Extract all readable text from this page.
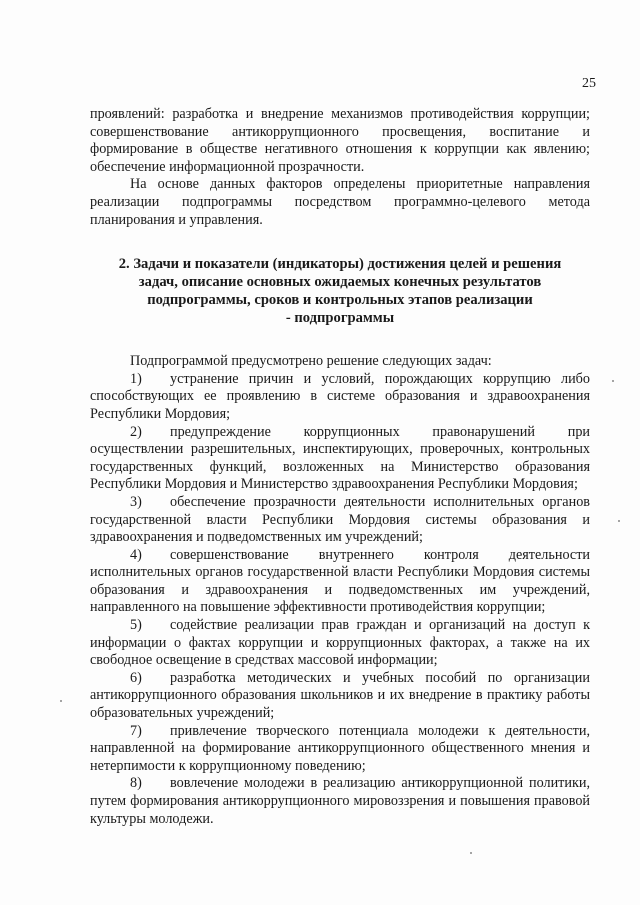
25

проявлений: разработка и внедрение механизмов противодействия коррупции; совершенствование антикоррупционного просвещения, воспитание и формирование в обществе негативного отношения к коррупции как явлению; обеспечение информационной прозрачности.

На основе данных факторов определены приоритетные направления реализации подпрограммы посредством программно-целевого метода планирования и управления.

2. Задачи и показатели (индикаторы) достижения целей и решения
задач, описание основных ожидаемых конечных результатов
подпрограммы, сроков и контрольных этапов реализации
- подпрограммы

Подпрограммой предусмотрено решение следующих задач:

1) устранение причин и условий, порождающих коррупцию либо способствующих ее проявлению в системе образования и здравоохранения Республики Мордовия;
2) предупреждение коррупционных правонарушений при осуществлении разрешительных, инспектирующих, проверочных, контрольных государственных функций, возложенных на Министерство образования Республики Мордовия и Министерство здравоохранения Республики Мордовия;
3) обеспечение прозрачности деятельности исполнительных органов государственной власти Республики Мордовия системы образования и здравоохранения и подведомственных им учреждений;
4) совершенствование внутреннего контроля деятельности исполнительных органов государственной власти Республики Мордовия системы образования и здравоохранения и подведомственных им учреждений, направленного на повышение эффективности противодействия коррупции;
5) содействие реализации прав граждан и организаций на доступ к информации о фактах коррупции и коррупционных факторах, а также на их свободное освещение в средствах массовой информации;
6) разработка методических и учебных пособий по организации антикоррупционного образования школьников и их внедрение в практику работы образовательных учреждений;
7) привлечение творческого потенциала молодежи к деятельности, направленной на формирование антикоррупционного общественного мнения и нетерпимости к коррупционному поведению;
8) вовлечение молодежи в реализацию антикоррупционной политики, путем формирования антикоррупционного мировоззрения и повышения правовой культуры молодежи.
